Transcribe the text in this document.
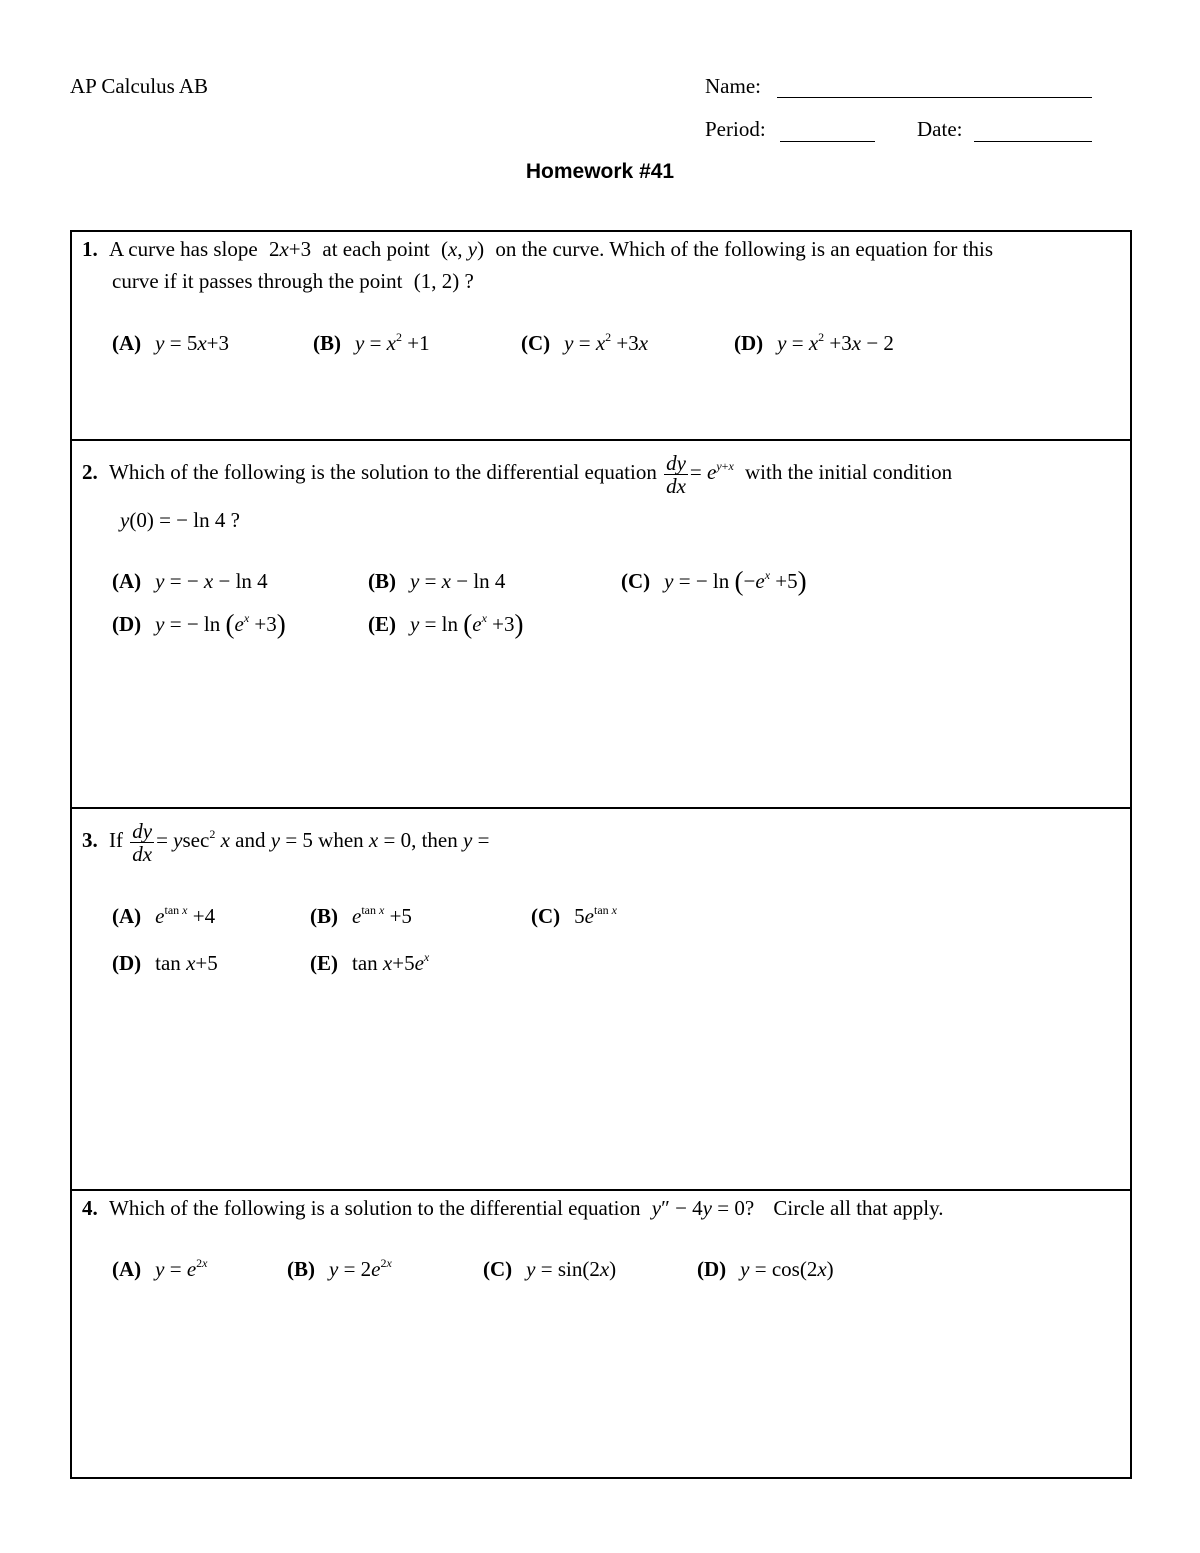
AP Calculus AB	Name:
Period:	Date:
Homework #41
1. A curve has slope 2x+3 at each point (x, y) on the curve. Which of the following is an equation for this
curve if it passes through the point (1, 2) ?
(A) y = 5x+3	(B) $y = x^2 +1$	(C) $y = x^2 +3x$	(D) $y = x^2 +3x - 2$
2. Which of the following is the solution to the differential equation $\frac{dy}{dx} = e^{y+x}$ with the initial condition
y(0) = − ln 4 ?
(A) y = − x − ln 4	(B) y = x − ln 4	(C) y = − $\ln (-e^x +5)$
(D) y = − $\ln (e^x +3)$	(E) $y = \ln (e^x +3)$
3. If $\frac{dy}{dx} = ysec^2$ x and y = 5 when x = 0, then y =
(A) $e^{tan x} +4$	(B) $e^{tan x} +5$	(C) $5e^{tan x}$
(D) tan x+5	(E) $\tan x+5e^x$
4. Which of the following is a solution to the differential equation y″ − 4y = 0? Circle all that apply.
(A) $y = e^{2x}$	(B) $y = 2e^{2x}$	(C) y = sin(2x)	(D) y = cos(2x)
